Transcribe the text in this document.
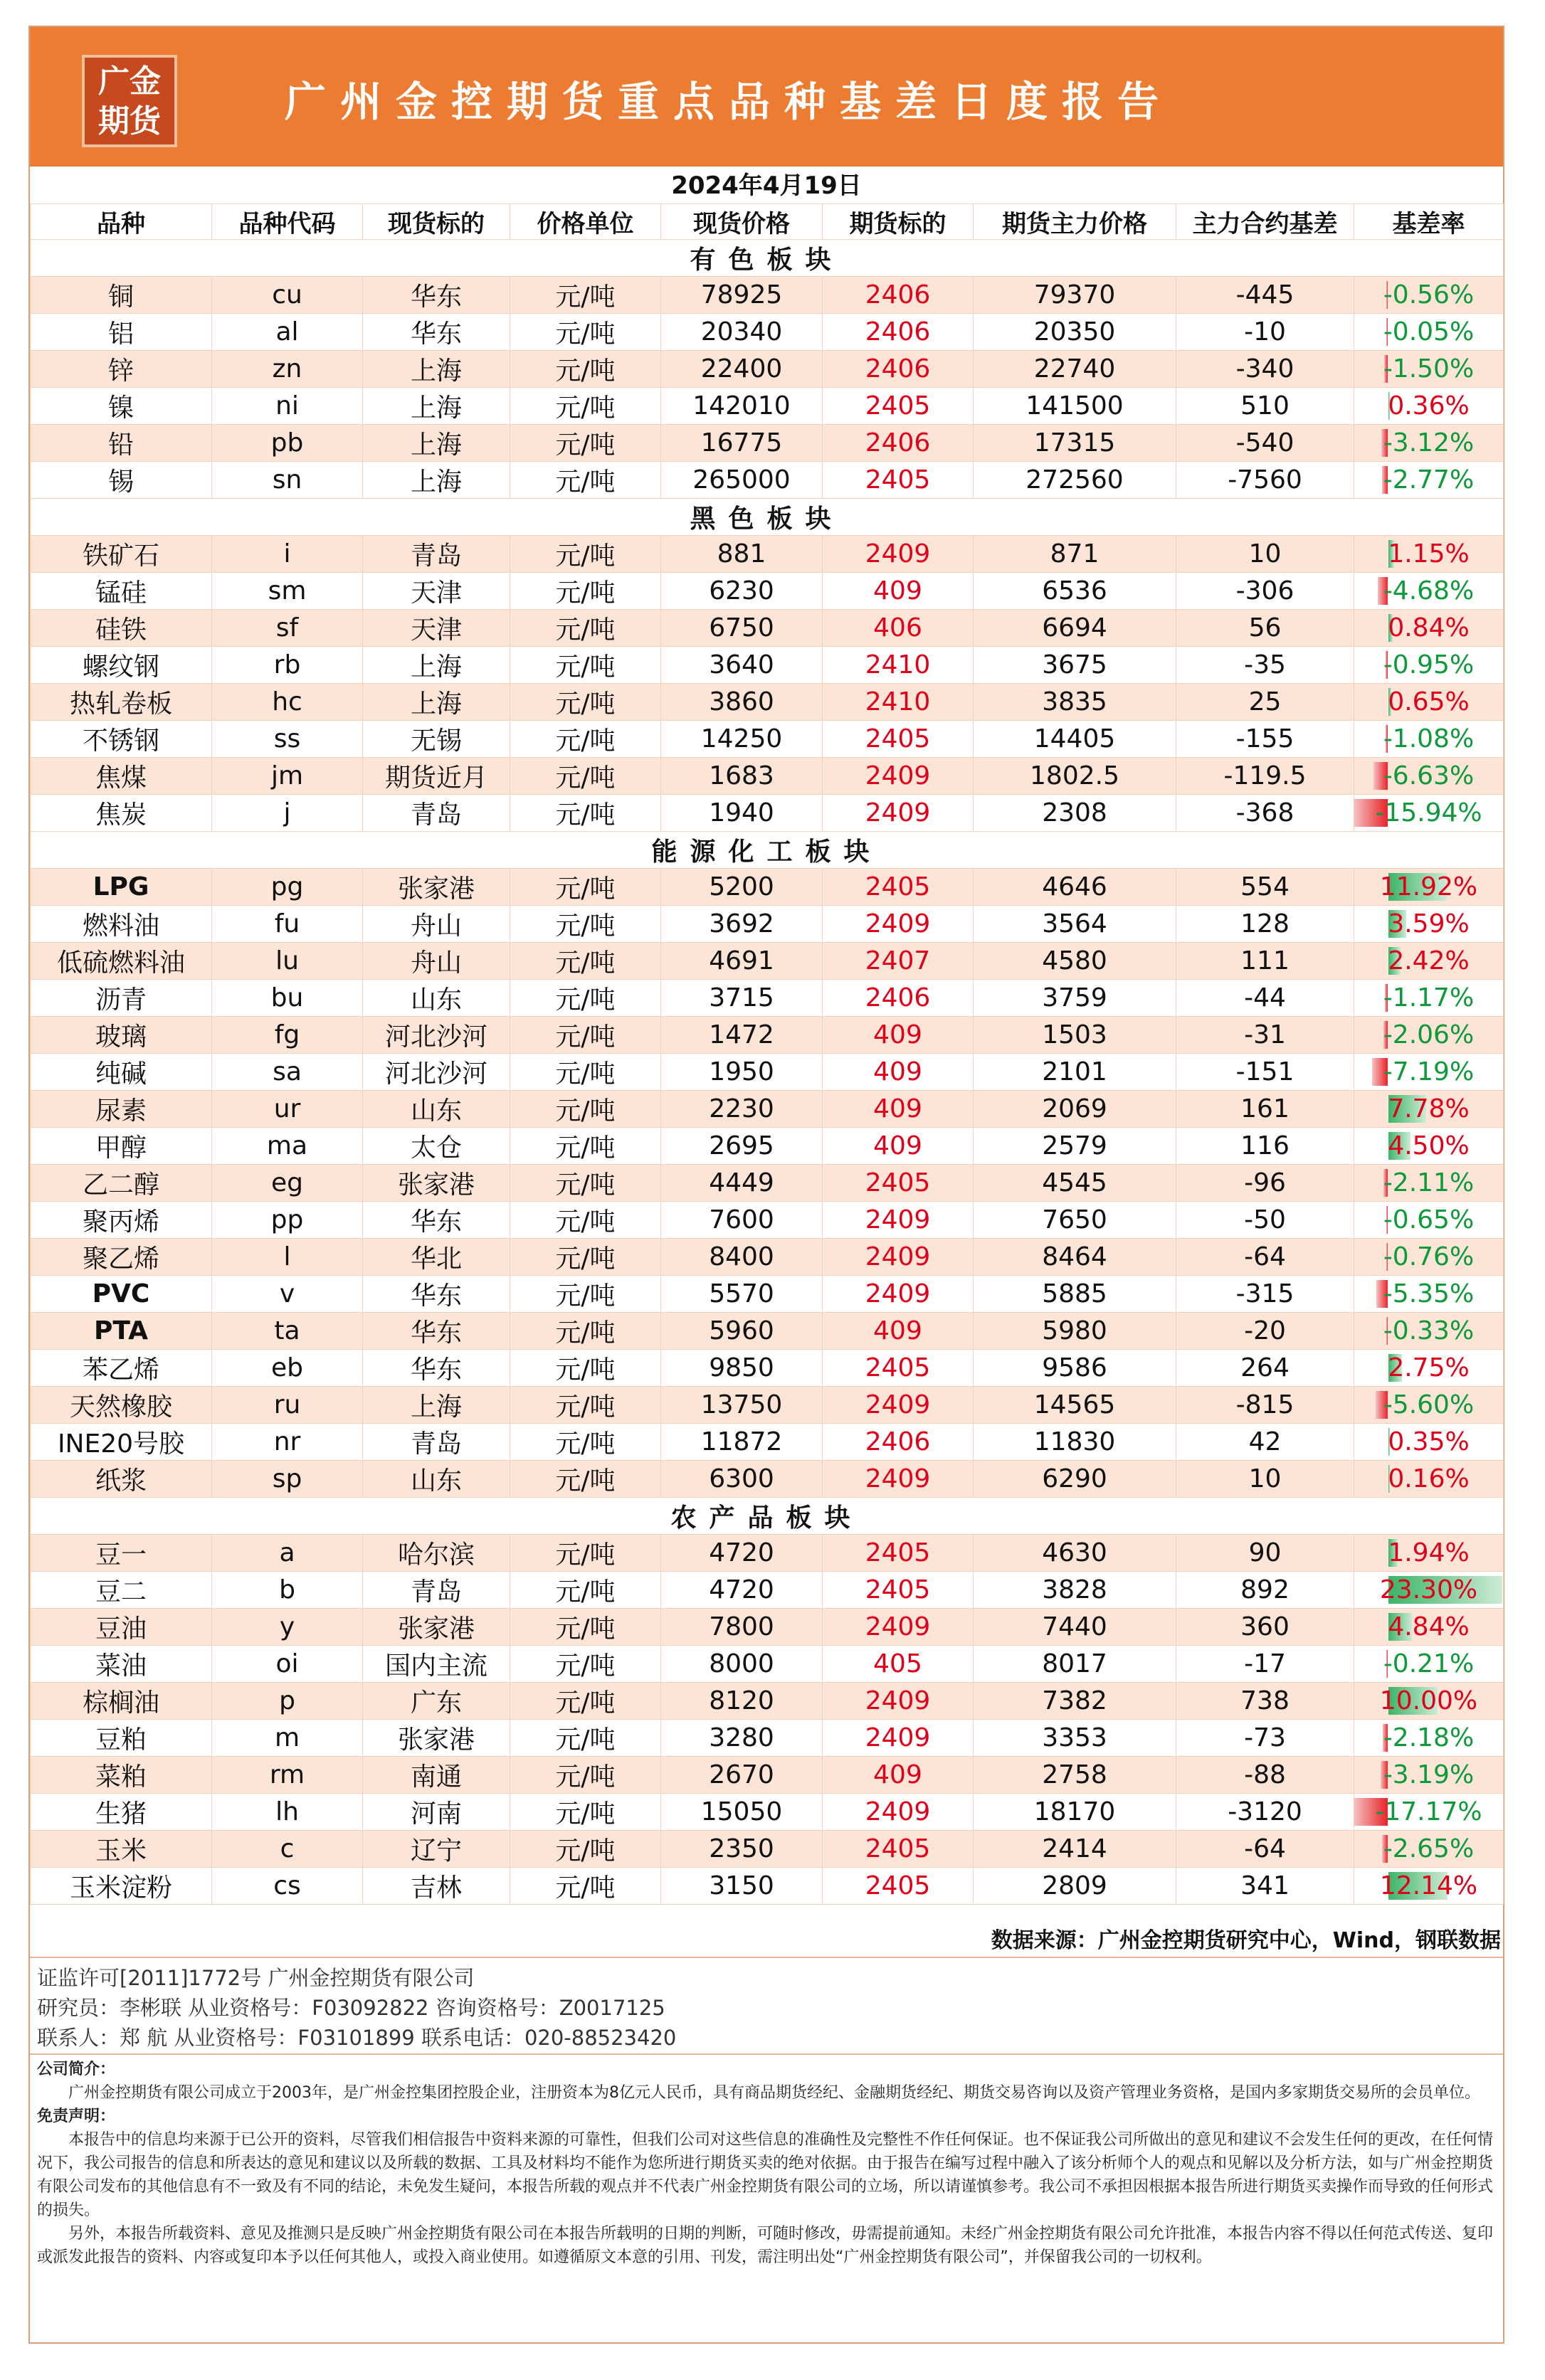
广金
期货	广州金控期货重点品种基差日度报告
2024年4月19日
品种	品种代码	现货标的	价格单位	现货价格	期货标的	期货主力价格	主力合约基差	基差率
有色板块								
铜	cu	华东	元/吨	78925	2406	79370	-445	-0.56%
铝	al	华东	元/吨	20340	2406	20350	-10	-0.05%
锌	zn	上海	元/吨	22400	2406	22740	-340	-1.50%
镍	ni	上海	元/吨	142010	2405	141500	510	0.36%
铅	pb	上海	元/吨	16775	2406	17315	-540	-3.12%
锡	sn	上海	元/吨	265000	2405	272560	-7560	-2.77%
黑色板块								
铁矿石	i	青岛	元/吨	881	2409	871	10	1.15%
锰硅	sm	天津	元/吨	6230	409	6536	-306	-4.68%
硅铁	sf	天津	元/吨	6750	406	6694	56	0.84%
螺纹钢	rb	上海	元/吨	3640	2410	3675	-35	-0.95%
热轧卷板	hc	上海	元/吨	3860	2410	3835	25	0.65%
不锈钢	ss	无锡	元/吨	14250	2405	14405	-155	-1.08%
焦煤	jm	期货近月	元/吨	1683	2409	1802.5	-119.5	-6.63%
焦炭	j	青岛	元/吨	1940	2409	2308	-368	-15.94%
能源化工板块								
LPG	pg	张家港	元/吨	5200	2405	4646	554	11.92%
燃料油	fu	舟山	元/吨	3692	2409	3564	128	3.59%
低硫燃料油	lu	舟山	元/吨	4691	2407	4580	111	2.42%
沥青	bu	山东	元/吨	3715	2406	3759	-44	-1.17%
玻璃	fg	河北沙河	元/吨	1472	409	1503	-31	-2.06%
纯碱	sa	河北沙河	元/吨	1950	409	2101	-151	-7.19%
尿素	ur	山东	元/吨	2230	409	2069	161	7.78%
甲醇	ma	太仓	元/吨	2695	409	2579	116	4.50%
乙二醇	eg	张家港	元/吨	4449	2405	4545	-96	-2.11%
聚丙烯	pp	华东	元/吨	7600	2409	7650	-50	-0.65%
聚乙烯	l	华北	元/吨	8400	2409	8464	-64	-0.76%
PVC	v	华东	元/吨	5570	2409	5885	-315	-5.35%
PTA	ta	华东	元/吨	5960	409	5980	-20	-0.33%
苯乙烯	eb	华东	元/吨	9850	2405	9586	264	2.75%
天然橡胶	ru	上海	元/吨	13750	2409	14565	-815	-5.60%
INE20号胶	nr	青岛	元/吨	11872	2406	11830	42	0.35%
纸浆	sp	山东	元/吨	6300	2409	6290	10	0.16%
农产品板块								
豆一	a	哈尔滨	元/吨	4720	2405	4630	90	1.94%
豆二	b	青岛	元/吨	4720	2405	3828	892	23.30%
豆油	y	张家港	元/吨	7800	2409	7440	360	4.84%
菜油	oi	国内主流	元/吨	8000	405	8017	-17	-0.21%
棕榈油	p	广东	元/吨	8120	2409	7382	738	10.00%
豆粕	m	张家港	元/吨	3280	2409	3353	-73	-2.18%
菜粕	rm	南通	元/吨	2670	409	2758	-88	-3.19%
生猪	lh	河南	元/吨	15050	2409	18170	-3120	-17.17%
玉米	c	辽宁	元/吨	2350	2405	2414	-64	-2.65%
玉米淀粉	cs	吉林	元/吨	3150	2405	2809	341	12.14%
数据来源：广州金控期货研究中心，Wind，钢联数据
证监许可[2011]1772号 广州金控期货有限公司
研究员：李彬联 从业资格号：F03092822 咨询资格号：Z0017125
联系人：郑 航 从业资格号：F03101899 联系电话：020-88523420
公司简介：
广州金控期货有限公司成立于2003年，是广州金控集团控股企业，注册资本为8亿元人民币，具有商品期货经纪、金融期货经纪、期货交易咨询以及资产管理业务资格，是国内多家期货交易所的会员单位。
免责声明：
本报告中的信息均来源于已公开的资料，尽管我们相信报告中资料来源的可靠性，但我们公司对这些信息的准确性及完整性不作任何保证。也不保证我公司所做出的意见和建议不会发生任何的更改，在任何情况下，我公司报告的信息和所表达的意见和建议以及所载的数据、工具及材料均不能作为您所进行期货买卖的绝对依据。由于报告在编写过程中融入了该分析师个人的观点和见解以及分析方法，如与广州金控期货有限公司发布的其他信息有不一致及有不同的结论，未免发生疑问，本报告所载的观点并不代表广州金控期货有限公司的立场，所以请谨慎参考。我公司不承担因根据本报告所进行期货买卖操作而导致的任何形式的损失。
另外，本报告所载资料、意见及推测只是反映广州金控期货有限公司在本报告所载明的日期的判断，可随时修改，毋需提前通知。未经广州金控期货有限公司允许批准，本报告内容不得以任何范式传送、复印或派发此报告的资料、内容或复印本予以任何其他人，或投入商业使用。如遵循原文本意的引用、刊发，需注明出处“广州金控期货有限公司”，并保留我公司的一切权利。
